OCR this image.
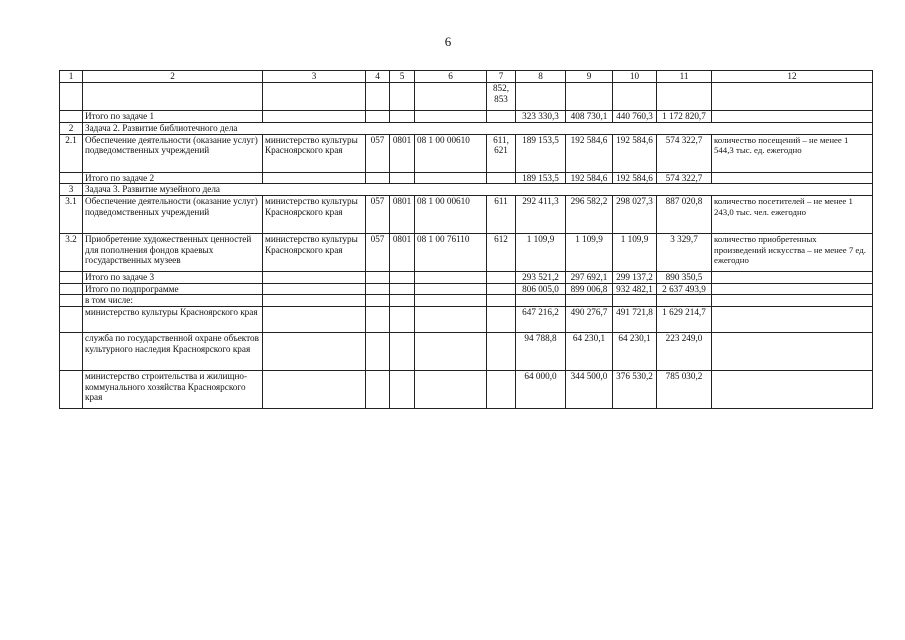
6
1	2	3	4	5	6	7	8	9	10	11	12
						852, 853					
	Итого по задаче 1						323 330,3	408 730,1	440 760,3	1 172 820,7	
2	Задача 2. Развитие библиотечного дела										
2.1	Обеспечение деятельности (оказание услуг) подведомственных учреждений	министерство культуры Красноярского края	057	0801	08 1 00 00610	611, 621	189 153,5	192 584,6	192 584,6	574 322,7	количество посещений – не менее 1 544,3 тыс. ед. ежегодно
	Итого по задаче 2						189 153,5	192 584,6	192 584,6	574 322,7	
3	Задача 3. Развитие музейного дела										
3.1	Обеспечение деятельности (оказание услуг) подведомственных учреждений	министерство культуры Красноярского края	057	0801	08 1 00 00610	611	292 411,3	296 582,2	298 027,3	887 020,8	количество посетителей – не менее 1 243,0 тыс. чел. ежегодно
3.2	Приобретение художественных ценностей для пополнения фондов краевых государственных музеев	министерство культуры Красноярского края	057	0801	08 1 00 76110	612	1 109,9	1 109,9	1 109,9	3 329,7	количество приобретенных произведений искусства – не менее 7 ед. ежегодно
	Итого по задаче 3						293 521,2	297 692,1	299 137,2	890 350,5	
	Итого по подпрограмме						806 005,0	899 006,8	932 482,1	2 637 493,9	
	в том числе:										
	министерство культуры Красноярского края						647 216,2	490 276,7	491 721,8	1 629 214,7	
	служба по государственной охране объектов культурного наследия Красноярского края						94 788,8	64 230,1	64 230,1	223 249,0	
	министерство строительства и жилищно-коммунального хозяйства Красноярского края						64 000,0	344 500,0	376 530,2	785 030,2	
